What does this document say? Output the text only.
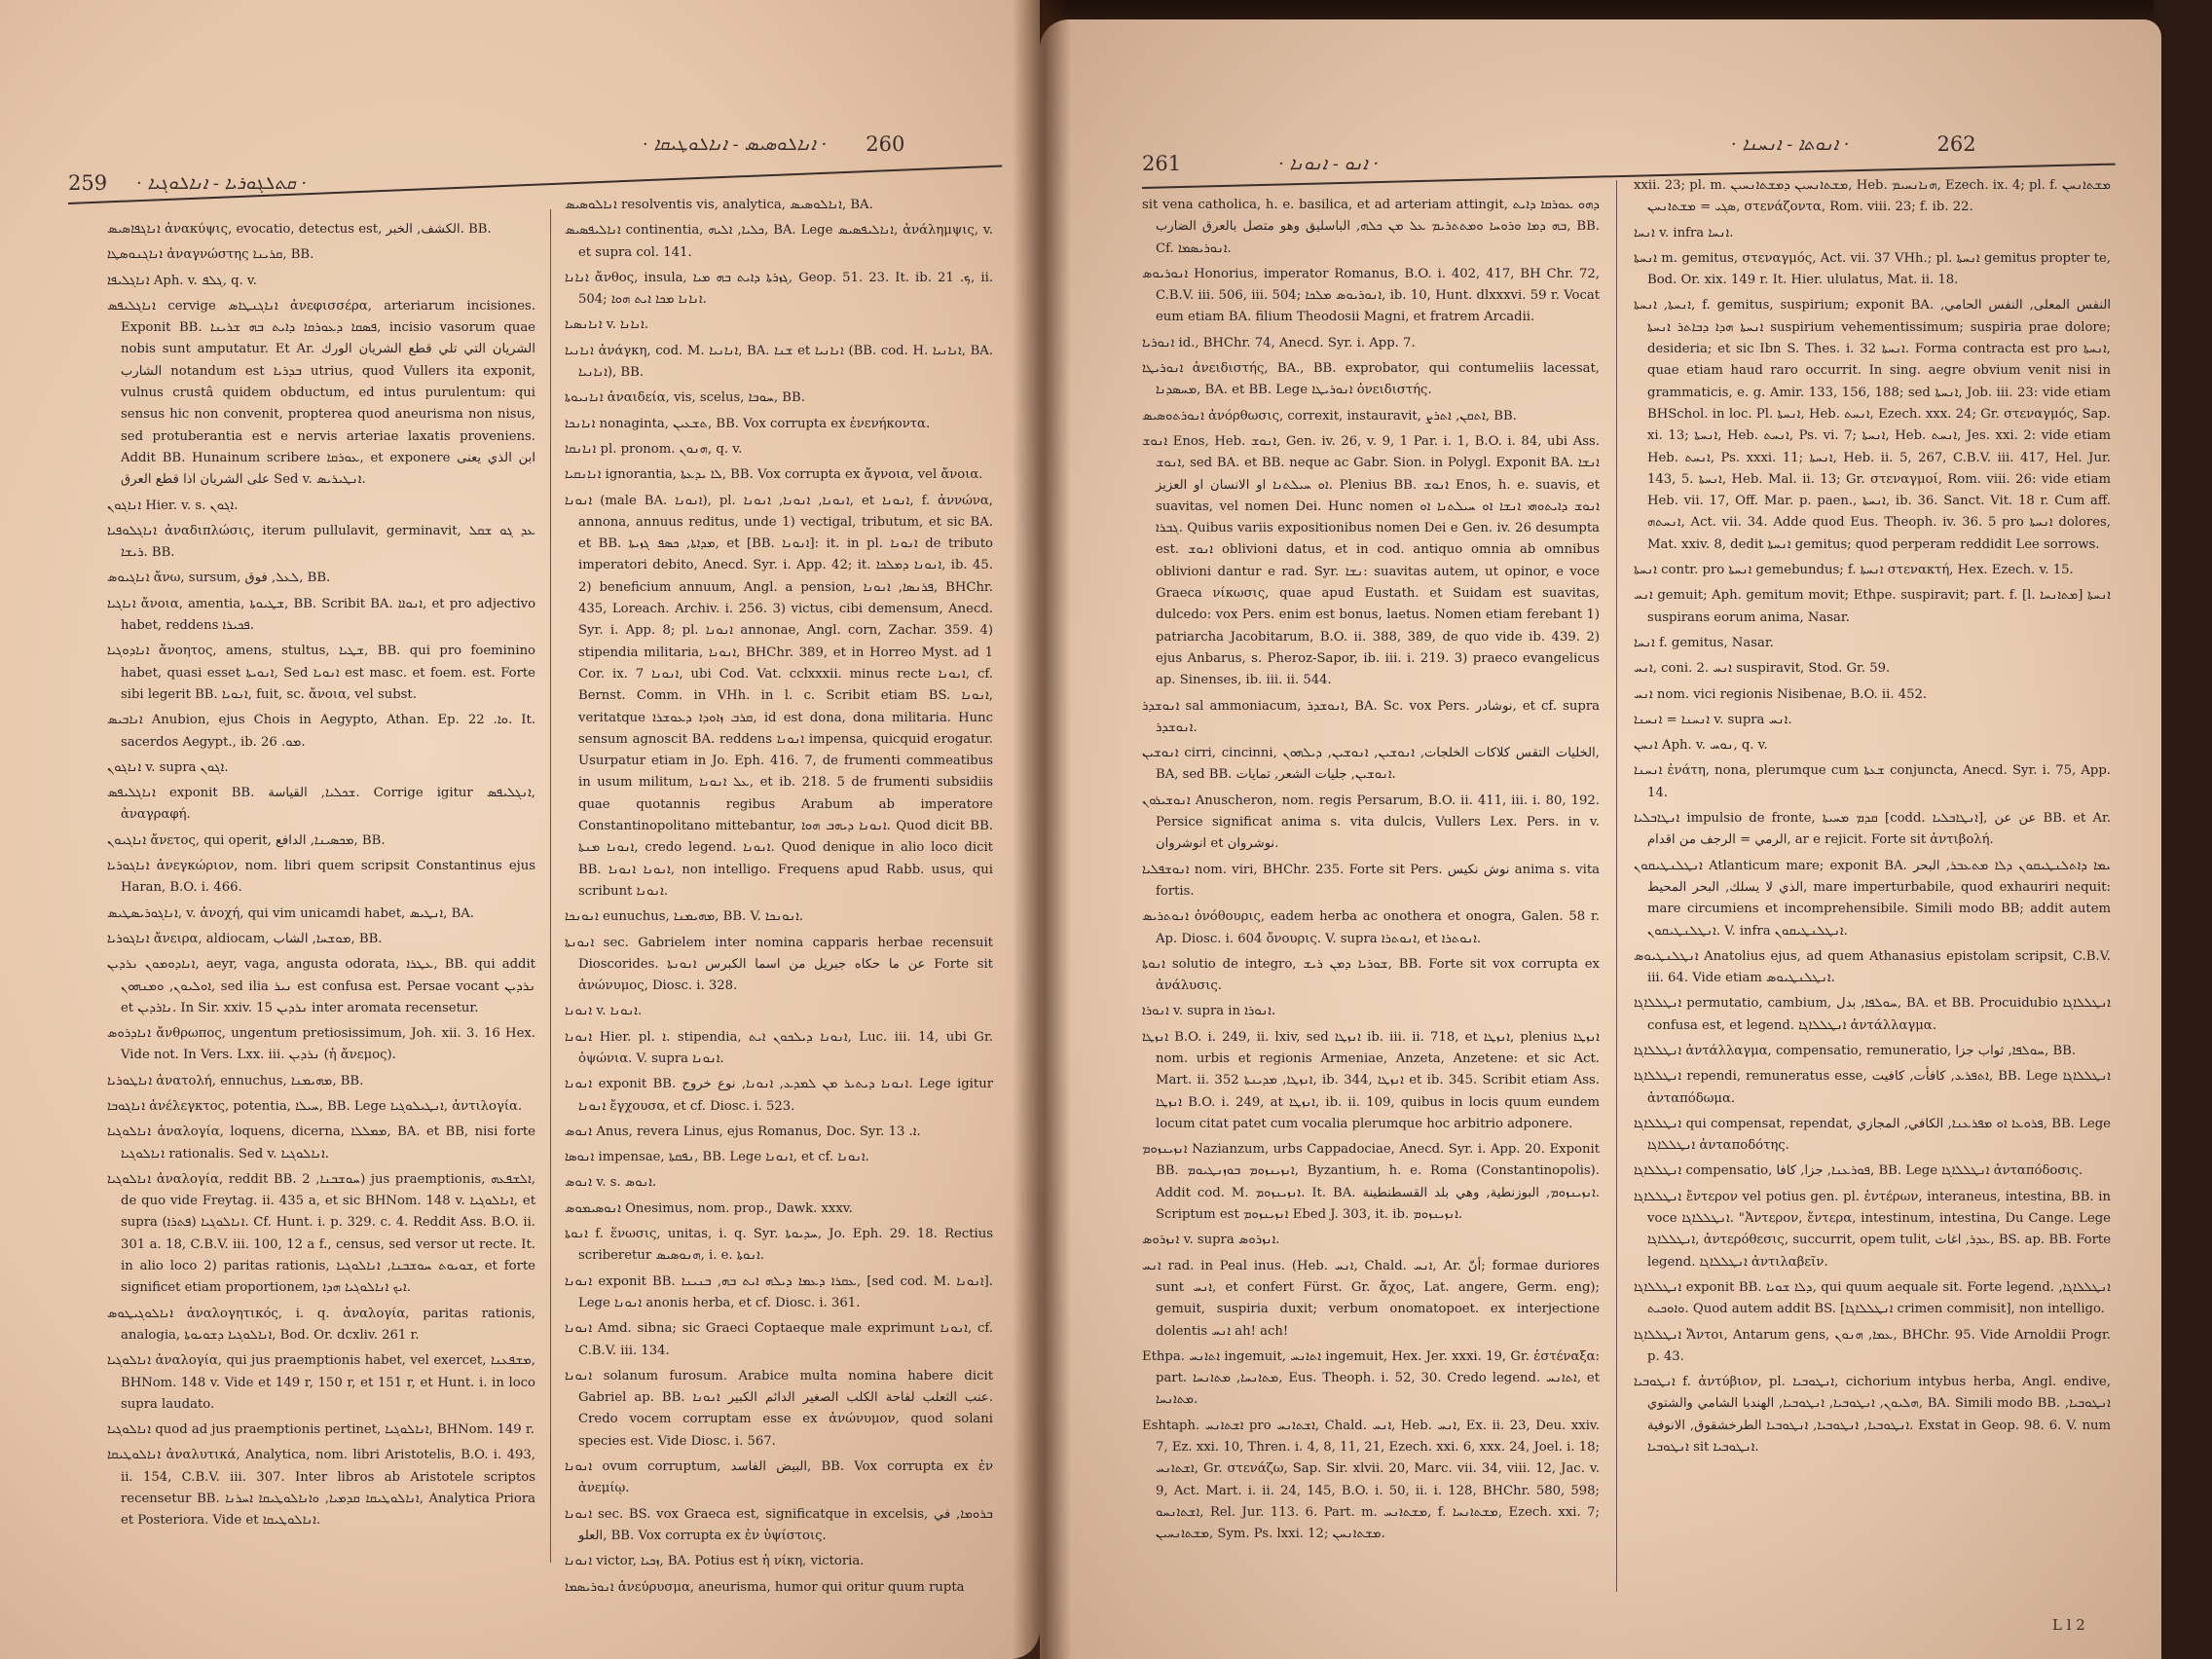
259 · ܩܬܠܓܘܪܝܐ - ܐܢܐܠܘܓܝܐ ·
· ܐܢܐܠܘܣܝܣ - ܐܢܐܠܘܛܝܩܐ · 260

ܐܢܐܓܦܐܣܝܣ ἀνακύψις, evocatio, detectus est, الكشف, الخبر. BB.

ܐܢܐܓܢܘܣܛܐ ἀναγνώστης ܩܪܝܢܐ, BB.

ܐܢܐܓܠܝܦܐ Aph. v. ܓܠܦ, q. v.

ܐܢܐܓܠܝܦܣ cervige ܐܢܐܓܢܛܐܣ ἀνεφισσέρα, arteriarum incisiones. Exponit BB. ܦܣܩܐ ܕܥܘܪܩܐ ܕܐܝܬ ܒܗ ܫܪܝܢܐ, incisio vasorum quae nobis sunt amputatur. Et Ar. الشريان التي تلي قطع الشريان الورك الشارب notandum est ܒܕܪܝܐ utrius, quod Vullers ita exponit, vulnus crustâ quidem obductum, ed intus purulentum: qui sensus hic non convenit, propterea quod aneurisma non nisus, sed protuberantia est e nervis arteriae laxatis proveniens. Addit BB. Hunainum scribere ܥܘܪܩܐ, et exponere ابن الذي يعنى على الشريان اذا قطع العرق Sed v. ܐܢܛܝܪܝܣ.

ܐܢܐܓܘܢ Hier. v. s. ܐܓܘܢ.

ܐܢܐܓܠܘܦܝܐ ἀναδιπλώσις, iterum pullulavit, germinavit, ܥܕ ܓܘ ܫܩܠ ܪܝܫܐ. BB.

ܐܢܐܓܝܘܣ ἄνω, sursum, ܠܥܠ, فوق, BB.

ܐܢܐܓܝܐ ἄνοια, amentia, ܫܛܝܘܬܐ, BB. Scribit BA. ܐܢܘܐܐ, et pro adjectivo habet, reddens ܦܟܝܪܐ.

ܐܢܐܕܘܓܝܐ ἄνοητος, amens, stultus, ܫܛܝܐ, BB. qui pro foeminino habet, quasi esset ܐܢܘܝܬܐ, Sed ܐܢܘܝܐ est masc. et foem. est. Forte sibi legerit BB. ܐܢܘܝܐ, fuit, sc. ἄνοια, vel subst.

ܐܢܐܒܝܣ Anubion, ejus Chois in Aegypto, Athan. Ep. ܘܐ. 22. It. sacerdos Aegypt., ib. ܡܘ. 26.

ܐܢܐܓܘܢ v. supra ܐܓܘܢ.

ܐܢܐܓܠܝܦܣ exponit BB. ܫܟܠܝܐ, القياسة. Corrige igitur ܐܢܓܠܝܦܣ, ἀναγραφή.

ܐܢܐܓܝܘܢ ἄνετος, qui operit, ܡܟܣܝܢܐ, الدافع, BB.

ܐܢܐܓܘܪܝܐ ἀνεγκώριον, nom. libri quem scripsit Constantinus ejus Haran, B.O. i. 466.

ܐܢܐܓܘܪܝܣܛܝܣ, v. ἀνοχή, qui vim unicamdi habet, ܐܢܛܝܣ, BA.

ܐܢܐܓܘܪܝܐ ἄνειρα, aldiocam, ܡܘܫܚܐ, الشاب, BB.

ܐܢܐܕܘܡܘܢ ܢܪܕܝܢ, aeyr, vaga, angusta odorata, ܥܛܪܐ, BB. qui addit ܐܘܠܝܘܢ, ܘܡܢܗܘܢ, sed ilia ܢܝܪ est confusa est. Persae vocant ܢܪܕܝܢ et ܢܐܪܕܝܢ. In Sir. xxiv. 15 ܢܪܕܝܢ inter aromata recensetur.

ܐܢܐܕܪܘܣ ἄνθρωπος, ungentum pretiosissimum, Joh. xii. 3. 16 Hex. Vide not. In Vers. Lxx. iii. ܢܪܕܝܢ (ἡ ἄνεμος).

ܐܢܐܛܘܪܝܐ ἀνατολή, ennuchus, ܡܗܝܡܢܐ, BB.

ܐܢܐܓܘܒܐ ἀνέλεγκτος, potentia, ܚܝܠܐ, BB. Lege ܐܢܛܝܠܘܓܝܐ, ἀντιλογία.

ܐܢܐܠܘܓܝܐ ἀναλογία, loquens, dicerna, ܡܡܠܠܐ, BA. et BB, nisi forte ܐܢܐܠܘܓܝܐ rationalis. Sed v. ܐܢܐܠܘܓܝܐ.

ܐܢܐܠܘܓܝܐ ἀναλογία, reddit BB. ܚܘܫܒܢܐ, 2) jus praemptionis, ܐܠܫܦܥܗ, de quo vide Freytag. ii. 435 a, et sic BHNom. 148 v. ܐܢܐܠܘܓܝܐ, et supra (ܦܬܪܐ) ܐܢܐܠܘܓܝܐ. Cf. Hunt. i. p. 329. c. 4. Reddit Ass. B.O. ii. 301 a. 18, C.B.V. iii. 100, 12 a f., census, sed versor ut recte. It. in alio loco 2) paritas rationis, ܫܘܝܘܬ ܚܘܫܒܢܐ, ܐܢܐܠܘܓܝܐ, et forte significet etiam proportionem, ܐܝܟ ܐܢܐܠܘܓܝܐ ܗܕܐ.

ܐܢܐܠܘܓܝܛܘܣ ἀναλογητικός, i. q. ἀναλογία, paritas rationis, analogia, ܐܢܐܠܘܓܝܐ ܕܫܘܝܘܬܐ, Bod. Or. dcxliv. 261 r.

ܐܢܐܠܘܓܝܐ ἀναλογία, qui jus praemptionis habet, vel exercet, ܡܫܦܥܢܐ, BHNom. 148 v. Vide et 149 r, 150 r, et 151 r, et Hunt. i. in loco supra laudato.

ܐܢܐܠܘܓܝܐ quod ad jus praemptionis pertinet, ܐܢܐܠܘܓܝܐ, BHNom. 149 r.

ܐܢܐܠܘܛܝܩܐ ἀναλυτικά, Analytica, nom. libri Aristotelis, B.O. i. 493, ii. 154, C.B.V. iii. 307. Inter libros ab Aristotele scriptos recensetur BB. ܐܢܐܠܘܛܝܩܐ ܩܕܡܝܐ, ܘܐܢܐܠܘܛܝܩܐ ܐܚܪܢܐ, Analytica Priora et Posteriora. Vide et ܐܢܐܠܘܛܝܩܐ.

ܐܢܐܠܘܣܝܣ resolventis vis, analytica, ܐܢܐܠܘܣܝܣ, BA.

ܐܢܐܠܝܦܣܝܣ continentia, ܟܠܝܐ, ܐܠܝܗ, BA. Lege ܐܢܐܠܝܦܣܝܣ, ἀνάλημψις, v. et supra col. 141.

ܐܢܐܢܐ ἄνθος, insula, ܓܙܪܬܐ ܕܐܝܬ ܒܗ ܡܝܐ, Geop. 51. 23. It. ib. ܟ. 21, ii. 504; ܐܢܐܢܐ ܡܟܐ ܐܝܬ ܗܘܐ.

ܐܢܐܢܣܝܐ v. ܐܢܐܢܐ.

ܐܢܐܢܝܐ ἀνάγκη, cod. M. ܐܢܐܢܝܐ, BA. ܫܢܐ et ܐܢܐܢܝܐ (BB. cod. H. ܐܢܐܢܝܐ, BA. ܐܢܐܢܝܐ), BB.

ܐܢܐܢܝܘܬܐ ἀναιδεία, vis, scelus, ܚܘܒܐ, BB.

ܐܢܐܢܟܐ nonaginta, ܬܫܥܝܢ, BB. Vox corrupta ex ἐνενήκοντα.

ܐܢܐܢܩܐ pl. pronom. ܗܢܘܢ, q. v.

ܐܢܐܢܩܝܐ ignorantia, ܠܐ ܝܕܥܬܐ, BB. Vox corrupta ex ἄγνοια, vel ἄνοια.

ܐܢܘܢܐ (male BA. ܐܢܘܢܐ), pl. ܐܢܘܢܐ, ܐܢܘܢܐ, ܐܢܘܢܐ, et ܐܢܘܢܐ, f. ἀννώνα, annona, annuus reditus, unde 1) vectigal, tributum, et sic BA. et BB. ܡܕܐܬܐ, ܟܣܦ ܓܙܝܬܐ, et [BB. ܐܢܘܢܐ]: it. in pl. ܐܢܘܢܐ de tributo imperatori debito, Anecd. Syr. i. App. 42; it. ܐܢܘܢܐ ܕܡܠܟܐ, ib. 45. 2) beneficium annuum, Angl. a pension, ܦܪܢܣܐ, ܐܢܘܢܐ, BHChr. 435, Loreach. Archiv. i. 256. 3) victus, cibi demensum, Anecd. Syr. i. App. 8; pl. ܐܢܘܢܐ annonae, Angl. corn, Zachar. 359. 4) stipendia militaria, ܐܢܘܢܐ, BHChr. 389, et in Horreo Myst. ad 1 Cor. ix. 7 ܐܢܘܢܐ, ubi Cod. Vat. cclxxxii. minus recte ܐܢܘܢܐ, cf. Bernst. Comm. in VHh. in l. c. Scribit etiam BS. ܐܢܘܢܐ, veritatque ܩܪܒ ܙܐܘܕܐ ܕܥܘܫܪܐ, id est dona, dona militaria. Hunc sensum agnoscit BA. reddens ܐܢܘܢܐ impensa, quicquid erogatur. Usurpatur etiam in Jo. Eph. 416. 7, de frumenti commeatibus in usum militum, ܥܠ ܐܢܘܢܐ, et ib. 218. 5 de frumenti subsidiis quae quotannis regibus Arabum ab imperatore Constantinopolitano mittebantur, ܐܢܘܢܐ ܕܝܗܒ ܗܘܐ. Quod dicit BB. ܐܢܘܢܐ ܡܢܬܐ, credo legend. ܐܢܘܢܐ. Quod denique in alio loco dicit BB. ܐܢܘܢܐ ܐܢܘܢܐ, non intelligo. Frequens apud Rabb. usus, qui scribunt ܐܢܘܢܐ.

ܐܢܘܢܟܐ eunuchus, ܡܗܝܡܢܐ, BB. V. ܐܢܘܢܟܐ.

ܐܢܘܢܬܐ sec. Gabrielem inter nomina capparis herbae recensuit Dioscorides. عن ما حكاه جبريل من اسما الكبرس ܐܢܘܢܬܐ Forte sit ἀνώνυμος, Diosc. i. 328.

ܐܢܘܢܐ v. ܐܢܘܢܐ.

ܐܢܘܢܐ Hier. pl. ܐ. stipendia, ܐܢܘܢܐ ܕܝܠܟܘܢ ܐܝܬ, Luc. iii. 14, ubi Gr. ὀψώνια. V. supra ܐܢܘܢܐ.

ܐܢܘܢܐ exponit BB. ܐܢܘܢܐ ܕܝܬܝܪ ܡܢ ܠܡܕܥ, ܐܢܘܢܐ, نوع خروج. Lege igitur ܐܢܘܢܐ ἔγχουσα, et cf. Diosc. i. 523.

ܐܢܘܣ Anus, revera Linus, ejus Romanus, Doc. Syr. ܐ. 13.

ܐܢܘܣܐ impensae, ܢܦܩܬܐ, BB. Lege ܐܢܘܢܐ, et cf. ܐܢܘܢܐ.

ܐܢܘܣ v. s. ܐܢܘܣ.

ܐܢܘܣܝܡܘܣ Onesimus, nom. prop., Dawk. xxxv.

ܐܢܘܬܐ f. ἕνωσις, unitas, i. q. Syr. ܚܕܝܘܬܐ, Jo. Eph. 29. 18. Rectius scriberetur ܗܢܘܣܝܣ, i. e. ܐܢܘܬܐ.

ܐܢܘܢܐ exponit BB. ܥܩܪܐ ܕܥܡܐ ܕܝܠܗ ܐܝܬ ܒܗ, ܒܢܝܢܐ, [sed cod. M. ܐܢܘܢܐ]. Lege ܐܢܘܢܐ anonis herba, et cf. Diosc. i. 361.

ܐܢܘܢܐ Amd. sibna; sic Graeci Coptaeque male exprimunt ܐܢܘܢܐ, cf. C.B.V. iii. 134.

ܐܢܘܢܐ solanum furosum. Arabice multa nomina habere dicit Gabriel ap. BB. عنب الثعلب لفاحة الكلب الصغير الدائم الكبير ܐܢܘܢܐ. Credo vocem corruptam esse ex ἀνώνυμον, quod solani species est. Vide Diosc. i. 567.

ܐܢܘܢܐ ovum corruptum, البيض الفاسد, BB. Vox corrupta ex ἐν ἀνεμίῳ.

ܐܢܘܢܐ sec. BS. vox Graeca est, significatque in excelsis, ܒܪܘܡܐ, في العلو, BB. Vox corrupta ex ἐν ὑψίστοις.

ܐܢܘܢܐ victor, ܙܟܝܐ, BA. Potius est ἡ νίκη, victoria.

ܐܢܘܪܝܣܡܐ ἀνεύρυσμα, aneurisma, humor qui oritur quum rupta

261	· ܐܢܘ - ܐܢܘܢܐ ·
· ܐܢܘܬܐ - ܐܢܚܢܐ ·	262

sit vena catholica, h. e. basilica, et ad arteriam attingit, ܕܗܘ ܥܘܪܩܐ ܕܐܝܬ ܒܗ ܕܡܐ ܘܪܘܚܐ ܘܡܬܬܪܝܡ ܥܠ ܡܢ ܟܠܗ, الباسليق وهو متصل بالعرق الضارب, BB. Cf. ܐܢܘܪܝܣܡܐ.

ܐܢܘܪܝܘܣ Honorius, imperator Romanus, B.O. i. 402, 417, BH Chr. 72, C.B.V. iii. 506, iii. 504; ܐܢܘܪܝܘܣ ܡܠܟܐ, ib. 10, Hunt. dlxxxvi. 59 r. Vocat eum etiam BA. filium Theodosii Magni, et fratrem Arcadii.

ܐܢܘܪܝܐ id., BHChr. 74, Anecd. Syr. i. App. 7.

ܐܢܘܪܝܛܐ ἀνειδιστής, BA., BB. exprobator, qui contumeliis lacessat, ܡܚܣܕܢܐ, BA. et BB. Lege ܐܢܘܪܝܛܐ ὀνειδιστής.

ܐܢܘܪܬܘܣܝܣ ἀνόρθωσις, correxit, instauravit, ܐܬܩܢ, ܐܬܪܨ, BB.

ܐܢܘܫ Enos, Heb. ܐܢܘܫ, Gen. iv. 26, v. 9, 1 Par. i. 1, B.O. i. 84, ubi Ass. ܐܢܘܫ, sed BA. et BB. neque ac Gabr. Sion. in Polygl. Exponit BA. ܐܢܫܐ ܐܘ ܚܝܠܬܢܐ او الانسان او العزيز. Plenius BB. ܐܢܘܫ Enos, h. e. suavis, et suavitas, vel nomen Dei. Hunc nomen ܐܢܘܫ ܕܐܝܬܘܗܝ ܐܢܫܐ ܐܘ ܚܝܠܬܢܐ ܐܘ ܓܒܪܐ. Quibus variis expositionibus nomen Dei e Gen. iv. 26 desumpta est. ܐܢܘܫ oblivioni datus, et in cod. antiquo omnia ab omnibus oblivioni dantur e rad. Syr. ܢܫܐ: suavitas autem, ut opinor, e voce Graeca νίκωσις, quae apud Eustath. et Suidam est suavitas, dulcedo: vox Pers. enim est bonus, laetus. Nomen etiam ferebant 1) patriarcha Jacobitarum, B.O. ii. 388, 389, de quo vide ib. 439. 2) ejus Anbarus, s. Pheroz-Sapor, ib. iii. i. 219. 3) praeco evangelicus ap. Sinenses, ib. iii. ii. 544.

ܐܢܘܫܕܪ sal ammoniacum, ܐܢܘܫܕܪ, BA. Sc. vox Pers. نوشادر, et cf. supra ܐܢܘܫܕܪ.

ܐܢܘܫܝܢ cirri, cincinni, الخليات التقس كلاكات الخلجات, ܐܢܘܫܝܢ, ܐܢܘܫܝܢ, ܕܝܠܗܘܢ, BA, sed BB. ܐܢܘܫܝܢ, جليات الشعر, تمايات.

ܐܢܘܫܝܪܘܢ Anuscheron, nom. regis Persarum, B.O. ii. 411, iii. i. 80, 192. Persice significat anima s. vita dulcis, Vullers Lex. Pers. in v. انوشروان et نوشروان.

ܐܢܘܫܦܠܝܐ nom. viri, BHChr. 235. Forte sit Pers. نوش نکیس anima s. vita fortis.

ܐܢܘܬܪܝܣ ὀνόθουρις, eadem herba ac onothera et onogra, Galen. 58 r. Ap. Diosc. i. 604 ὄνουρις. V. supra ܐܢܘܬܪܐ, et ܐܢܘܬܪܐ.

ܐܢܘܬܐ solutio de integro, ܫܘܪܝܐ ܕܡܢ ܪܝܫ, BB. Forte sit vox corrupta ex ἀνάλυσις.

ܐܢܘܪܐ v. supra in ܐܢܘܪܐ.

ܐܢܙܛܐ B.O. i. 249, ii. lxiv, sed ܐܢܙܛܐ ib. iii. ii. 718, et ܐܢܙܛܐ, plenius ܐܢܙܛܐ nom. urbis et regionis Armeniae, Anzeta, Anzetene: et sic Act. Mart. ii. 352 ܐܢܙܛܐ, ܡܕܝܢܬܐ, ib. 344, ܐܢܙܛܐ et ib. 345. Scribit etiam Ass. ܐܢܙܛܐ B.O. i. 249, at ܐܢܙܛܐ, ib. ii. 109, quibus in locis quum eundem locum citat patet cum vocalia plerumque hoc arbitrio adponere.

ܐܢܙܝܢܙܘܡ Nazianzum, urbs Cappadociae, Anecd. Syr. i. App. 20. Exponit BB. ܐܢܙܝܢܙܘܡ ܒܘܙܢܛܝܘܡ, Byzantium, h. e. Roma (Constantinopolis). Addit cod. M. ܐܢܙܝܢܙܘܡ. It. BA. ܐܢܙܝܢܙܘܡ, البوزنطية, وهي بلد القسطنطينة. Scriptum est ܐܢܙܝܢܙܘܡ Ebed J. 303, it. ib. ܐܢܙܝܢܙܘܡ.

ܐܢܙܪܘܣ v. supra ܐܢܙܪܘܣ.

ܐܢܚ rad. in Peal inus. (Heb. ܐܢܚ, Chald. ܐܢܚ, Ar. أنّ; formae duriores sunt ܐܢܚ, et confert Fürst. Gr. ἄχος, Lat. angere, Germ. eng); gemuit, suspiria duxit; verbum onomatopoet. ex interjectione dolentis ܐܢܚ ah! ach!

Ethpa. ܐܬܐܢܚ ingemuit, ܐܬܐܢܚ ingemuit, Hex. Jer. xxxi. 19, Gr. ἐστέναξα: part. ܡܬܐܢܚܐ, ܡܬܐܢܚܐ, Eus. Theoph. i. 52, 30. Credo legend. ܐܬܐܢܚ, et ܡܬܐܢܚܐ.

Eshtaph. ܐܫܬܐܢܚ pro ܐܫܬܐܢܚ, Chald. ܐܢܚ, Heb. ܐܢܚ, Ex. ii. 23, Deu. xxiv. 7, Ez. xxi. 10, Thren. i. 4, 8, 11, 21, Ezech. xxi. 6, xxx. 24, Joel. i. 18; ܐܫܬܐܢܚ, Gr. στενάζω, Sap. Sir. xlvii. 20, Marc. vii. 34, viii. 12, Jac. v. 9, Act. Mart. i. ii. 24, 145, B.O. i. 50, ii. i. 128, BHChr. 580, 598; ܐܫܬܐܢܚܘ, Rel. Jur. 113. 6. Part. m. ܡܫܬܐܢܚ, f. ܡܫܬܐܢܚܐ, Ezech. xxi. 7; ܡܫܬܐܢܚܝܢ, Sym. Ps. lxxi. 12; ܡܫܬܐܢܚܢ.

xxii. 23; pl. m. ܡܫܬܐܢܚܝܢ ܕܡܫܬܐܢܚܝܢ, Heb. ܗܢܐܢܚܝܡ, Ezech. ix. 4; pl. f. ܡܫܬܐܢܚܢ ܣܓܝ = ܡܫܬܐܢܚܢ, στενάζοντα, Rom. viii. 23; f. ib. 22.

ܐܢܚܐ v. infra ܐܢܚܐ.

ܐܢܚܬܐ m. gemitus, στεναγμός, Act. vii. 37 VHh.; pl. ܐܢܚܬܐ gemitus propter te, Bod. Or. xix. 149 r. It. Hier. ululatus, Mat. ii. 18.

ܐܢܚܬܐ, ܐܢܚܬܐ, f. gemitus, suspirium; exponit BA. النفس المعلى, النفس الحامي, ܐܢܚܬܐ ܗܕܐ ܕܒܐܬܪ ܐܢܚܬܐ suspirium vehementissimum; suspiria prae dolore; desideria; et sic Ibn S. Thes. i. 32 ܐܢܚܬܐ. Forma contracta est pro ܐܢܚܬܐ, quae etiam haud raro occurrit. In sing. aegre obvium venit nisi in grammaticis, e. g. Amir. 133, 156, 188; sed ܐܢܚܬܐ, Job. iii. 23: vide etiam BHSchol. in loc. Pl. ܐܢܚܬܐ, Heb. ܐܢܚܬ, Ezech. xxx. 24; Gr. στεναγμός, Sap. xi. 13; ܐܢܚܬܐ, Heb. ܐܢܚܬ, Ps. vi. 7; ܐܢܚܬܐ, Heb. ܐܢܚܬ, Jes. xxi. 2: vide etiam Heb. ܐܢܚܬ, Ps. xxxi. 11; ܐܢܚܬܐ, Heb. ii. 5, 267, C.B.V. iii. 417, Hel. Jur. 143, 5. ܐܢܚܬܐ, Heb. Mal. ii. 13; Gr. στεναγμοί, Rom. viii. 26: vide etiam Heb. vii. 17, Off. Mar. p. paen., ܐܢܚܬܐ, ib. 36. Sanct. Vit. 18 r. Cum aff. ܐܢܚܬܗ, Act. vii. 34. Adde quod Eus. Theoph. iv. 36. 5 pro ܐܢܚܬܐ dolores, Mat. xxiv. 8, dedit ܐܢܚܬܐ gemitus; quod perperam reddidit Lee sorrows.

ܐܢܚܬܐ contr. pro ܐܢܚܬܐ gemebundus; f. ܐܢܚܬܐ στενακτή, Hex. Ezech. v. 15.

ܐܢܚ gemuit; Aph. gemitum movit; Ethpe. suspiravit; part. f. [l. ܡܬܐܢܚܐ] ܐܢܚܬܐ suspirans eorum anima, Nasar.

ܐܢܚܐ f. gemitus, Nasar.

ܐܢܚ, coni. 2. ܐܢܚ suspiravit, Stod. Gr. 59.

ܐܢܚ nom. vici regionis Nisibenae, B.O. ii. 452.

ܐܢܚܢܐ = ܐܢܚܢܐ v. supra ܐܢܚ.

ܐܢܚܢ Aph. v. ܢܘܚ, q. v.

ܐܢܚܢܐ ἐνάτη, nona, plerumque cum ܫܥܬܐ conjuncta, Anecd. Syr. i. 75, App. 14.

ܐܢܛܐܒܠܝܐ impulsio de fronte, ܩܕܡ ܡܚܝܬܐ [codd. ܐܢܛܐܒܠܝܐ], عن عن BB. et Ar. الرمي = الرجف من اقدام, ar e rejicit. Forte sit ἀντιβολή.

ܐܢܛܠܢܛܝܩܘܢ Atlanticum mare; exponit BA. ܝܡܐ ܕܐܬܠܢܛܝܩܘܢ ܕܠܐ ܡܬܥܒܪ, البحر الذي لا يسلك, البحر المحيط, mare imperturbabile, quod exhauriri nequit: mare circumiens et incomprehensibile. Simili modo BB; addit autem ܐܢܛܠܢܛܝܩܘܢ. V. infra ܐܢܛܠܢܛܝܩܘܢ.

ܐܢܛܠܢܛܝܘܣ Anatolius ejus, ad quem Athanasius epistolam scripsit, C.B.V. iii. 64. Vide etiam ܐܢܛܠܢܛܝܘܣ.

ܐܢܛܠܠܐܓܐ permutatio, cambium, ܚܘܠܦܐ, بدل, BA. et BB. Procuidubio ܐܢܛܠܠܐܓܐ confusa est, et legend. ܐܢܛܠܠܐܓܐ ἀντάλλαγμα.

ܐܢܛܠܠܐܓܐ ἀντάλλαγμα, compensatio, remuneratio, ܚܘܠܦܐ, ثواب جزا, BB.

ܐܢܛܠܠܐܓܐ rependi, remuneratus esse, ܐܬܦܪܥ, كافأت, كافيت, BB. Lege ܐܢܛܠܠܐܓܐ ἀνταπόδωμα.

ܐܢܛܠܠܐܓܐ qui compensat, rependat, ܦܪܘܥܐ ܐܘ ܡܦܪܥܢܐ, الكافي, المجازي, BB. Lege ܐܢܛܠܠܐܓܐ ἀνταποδότης.

ܐܢܛܠܠܐܓܐ compensatio, ܦܘܪܥܢܐ, جزا, كافا, BB. Lege ܐܢܛܠܠܐܓܐ ἀνταπόδοσις.

ܐܢܛܠܠܐܓܐ ἔντερον vel potius gen. pl. ἐντέρων, interaneus, intestina, BB. in voce ܐܢܛܠܠܐܓܐ. "Ἀντερον, ἔντερα, intestinum, intestina, Du Cange. Lege ܐܢܛܠܠܐܓܐ, ἀντερόθεσις, succurrit, opem tulit, ܥܕܪ, اغاث, BS. ap. BB. Forte legend. ܐܢܛܠܠܐܓܐ ἀντιλαβεῖν.

ܐܢܛܠܠܐܓܐ exponit BB. ܕܠܐ ܫܘܝܐ, qui quum aequale sit. Forte legend. ܐܢܛܠܠܐܓܐ, ܘܐܘܟܝܬ. Quod autem addit BS. [ܐܢܛܠܠܐܓܐ crimen commisit], non intelligo.

ܐܢܛܠܠܐܓܐ Ἄντοι, Antarum gens, ܥܡܐ, ܗܢܘܢ, BHChr. 95. Vide Arnoldii Progr. p. 43.

ܐܢܛܘܒܝܐ f. ἀντύβιον, pl. ܐܢܛܘܒܝܐ, cichorium intybus herba, Angl. endive, ܗܠܝܘܢ, ܐܢܛܘܒܝܐ, ܐܢܛܘܒܝܐ, الهندبا الشامي والشتوي, BA. Simili modo BB. ܐܢܛܘܒܝܐ, ܐܢܛܘܒܝܐ, ܐܢܛܘܒܝܐ, ܐܢܛܘܒܝܐ الطرخشقوق, الانوفية. Exstat in Geop. 98. 6. V. num ܐܢܛܘܒܝܐ sit ܐܢܛܘܒܝܐ.

L l 2
